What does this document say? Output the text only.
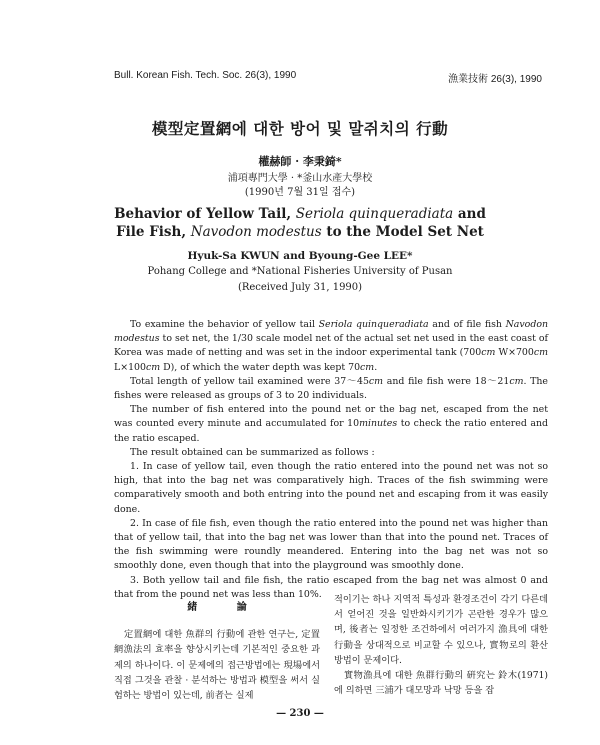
Bull. Korean Fish. Tech. Soc. 26(3), 1990	漁業技術 26(3), 1990
模型定置網에 대한 방어 및 말쥐치의 行動
權赫師 · 李秉錡*
浦項專門大學 · *釜山水產大學校
(1990년 7월 31일 접수)
Behavior of Yellow Tail, Seriola quinqueradiata and
File Fish, Navodon modestus to the Model Set Net
Hyuk-Sa KWUN and Byoung-Gee LEE*
Pohang College and *National Fisheries University of Pusan
(Received July 31, 1990)

To examine the behavior of yellow tail Seriola quinqueradiata and of file fish Navodon modestus to set net, the 1/30 scale model net of the actual set net used in the east coast of Korea was made of netting and was set in the indoor experimental tank (700cm W×700cm L×100cm D), of which the water depth was kept 70cm.

Total length of yellow tail examined were 37～45cm and file fish were 18～21cm. The fishes were released as groups of 3 to 20 individuals.

The number of fish entered into the pound net or the bag net, escaped from the net was counted every minute and accumulated for 10minutes to check the ratio entered and the ratio escaped.

The result obtained can be summarized as follows :

1. In case of yellow tail, even though the ratio entered into the pound net was not so high, that into the bag net was comparatively high. Traces of the fish swimming were comparatively smooth and both entring into the pound net and escaping from it was easily done.

2. In case of file fish, even though the ratio entered into the pound net was higher than that of yellow tail, that into the bag net was lower than that into the pound net. Traces of the fish swimming were roundly meandered. Entering into the bag net was not so smoothly done, even though that into the playground was smoothly done.

3. Both yellow tail and file fish, the ratio escaped from the bag net was almost 0 and that from the pound net was less than 10%.

緒 論

定置網에 대한 魚群의 行動에 관한 연구는, 定置網漁法의 효率을 향상시키는데 기본적인 중요한 과제의 하나이다. 이 문제에의 접근방법에는 現場에서 직접 그것을 관찰 · 분석하는 방법과 模型을 써서 실험하는 방법이 있는데, 前者는 실제

적이기는 하나 지역적 특성과 환경조건이 각기 다른데서 얻어진 것을 일반화시키기가 곤란한 경우가 많으며, 後者는 일정한 조건하에서 여러가지 漁具에 대한 行動을 상대적으로 비교할 수 있으나, 實物로의 환산방법이 문제이다.

實物漁具에 대한 魚群行動의 硏究는 鈴木(1971)에 의하면 三浦가 대모망과 낙망 등을 잡

— 230 —
